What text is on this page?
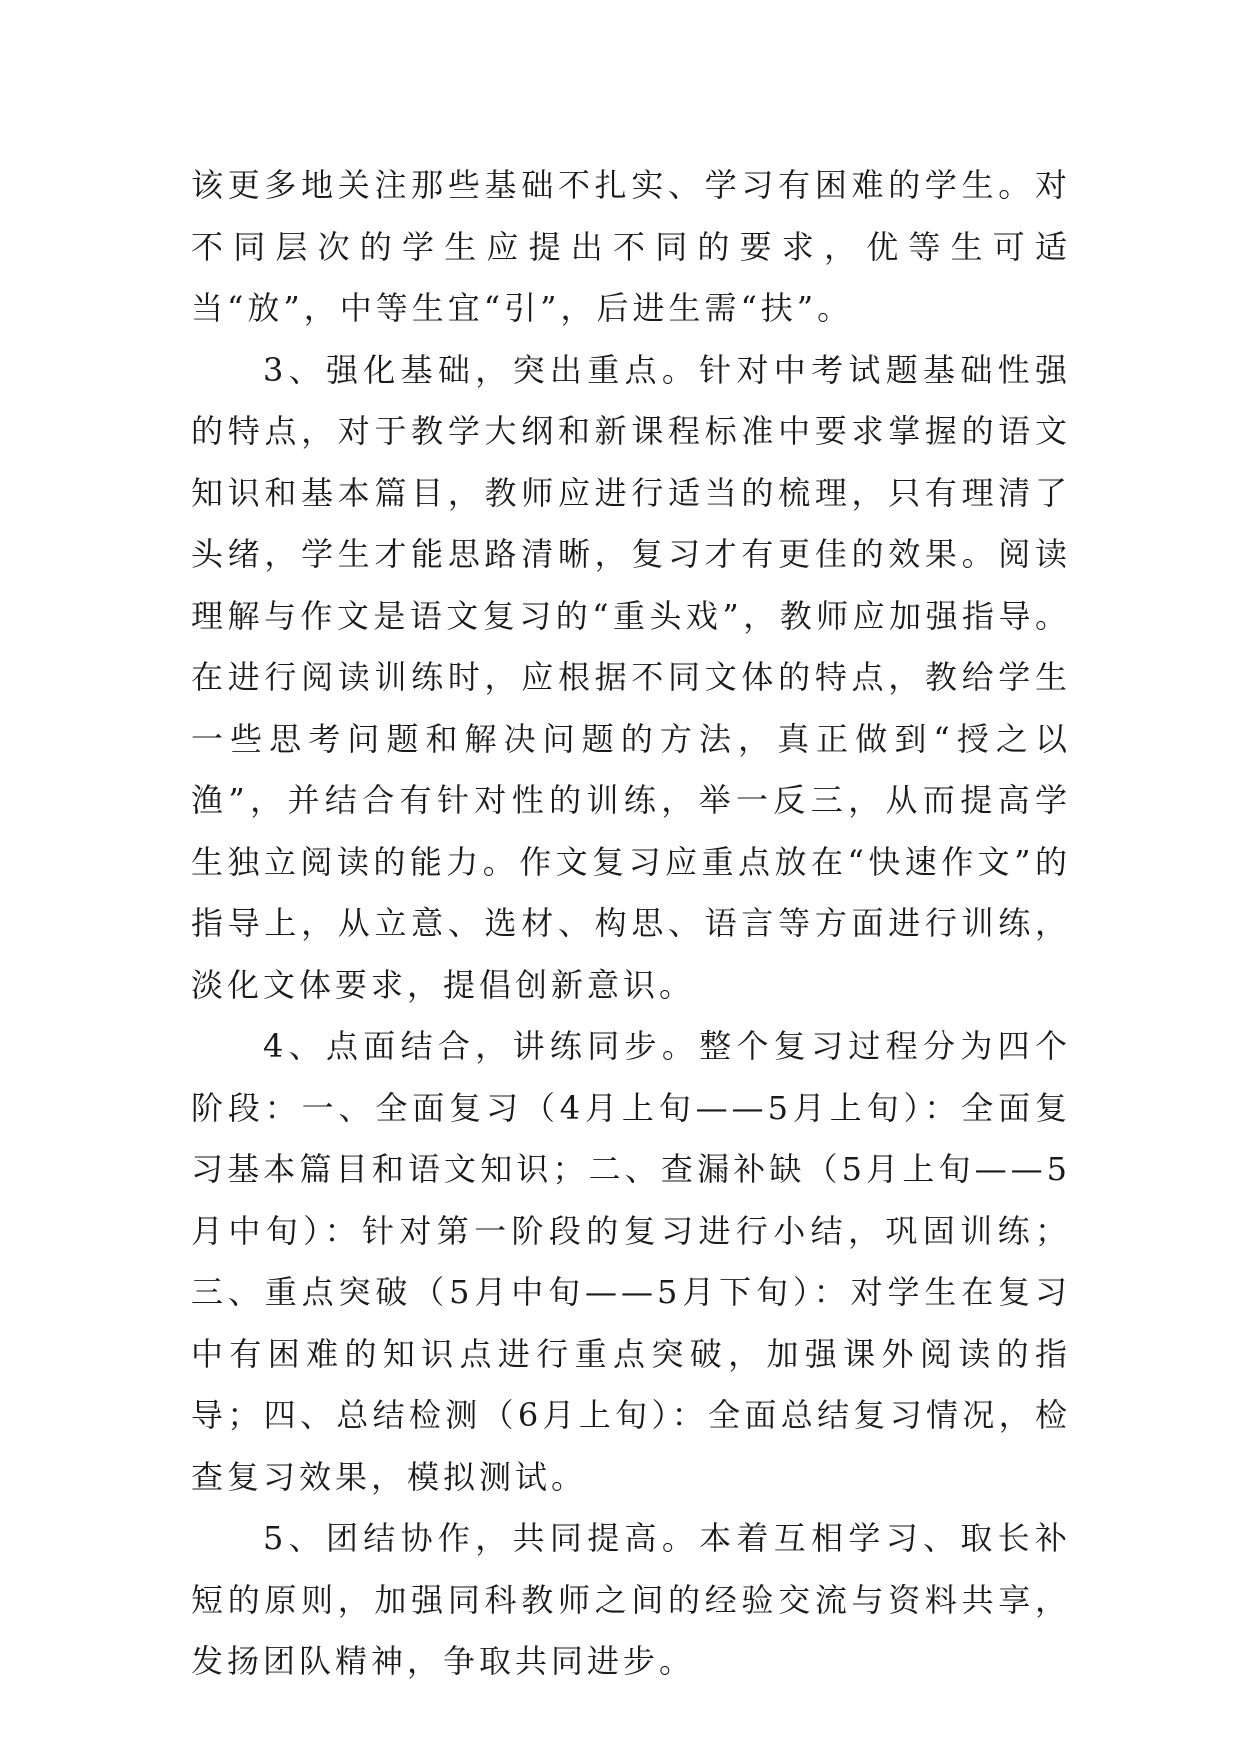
该更多地关注那些基础不扎实、学习有困难的学生。对不同层次的学生应提出不同的要求，优等生可适当“放”，中等生宜“引”，后进生需“扶”。

3、强化基础，突出重点。针对中考试题基础性强的特点，对于教学大纲和新课程标准中要求掌握的语文知识和基本篇目，教师应进行适当的梳理，只有理清了头绪，学生才能思路清晰，复习才有更佳的效果。阅读理解与作文是语文复习的“重头戏”，教师应加强指导。在进行阅读训练时，应根据不同文体的特点，教给学生一些思考问题和解决问题的方法，真正做到“授之以渔”，并结合有针对性的训练，举一反三，从而提高学生独立阅读的能力。作文复习应重点放在“快速作文”的指导上，从立意、选材、构思、语言等方面进行训练，淡化文体要求，提倡创新意识。

4、点面结合，讲练同步。整个复习过程分为四个阶段：一、全面复习（4月上旬——5月上旬）：全面复习基本篇目和语文知识；二、查漏补缺（5月上旬——5月中旬）：针对第一阶段的复习进行小结，巩固训练；三、重点突破（5月中旬——5月下旬）：对学生在复习中有困难的知识点进行重点突破，加强课外阅读的指导；四、总结检测（6月上旬）：全面总结复习情况，检查复习效果，模拟测试。

5、团结协作，共同提高。本着互相学习、取长补短的原则，加强同科教师之间的经验交流与资料共享，发扬团队精神，争取共同进步。
